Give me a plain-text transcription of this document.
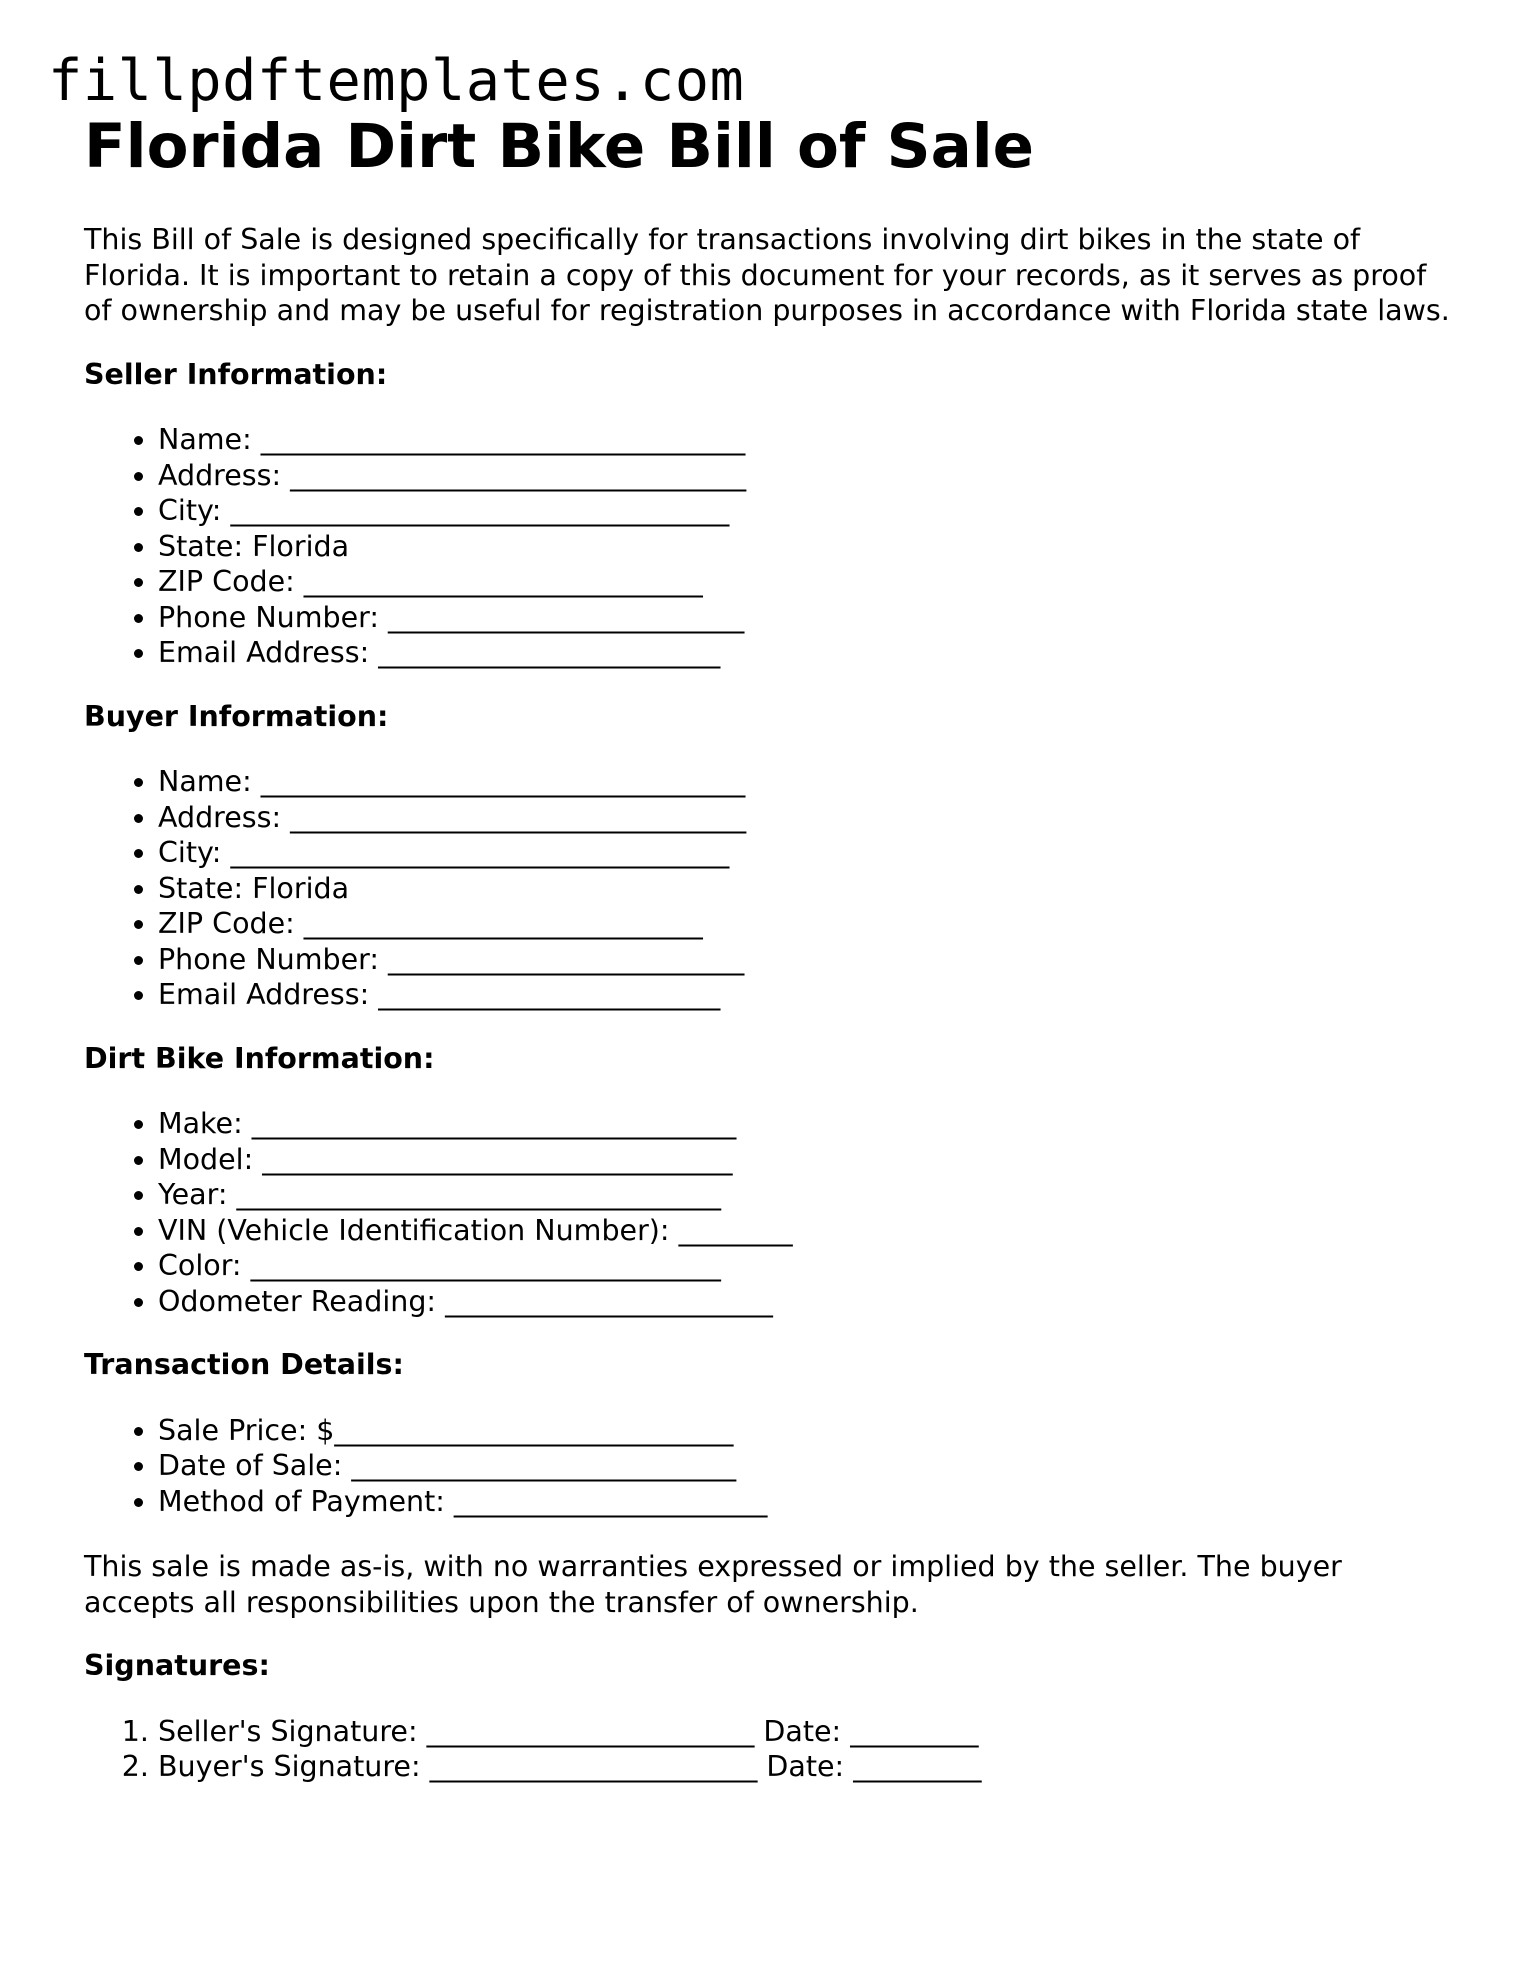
fillpdftemplates.com
Florida Dirt Bike Bill of Sale

This Bill of Sale is designed specifically for transactions involving dirt bikes in the state of Florida. It is important to retain a copy of this document for your records, as it serves as proof of ownership and may be useful for registration purposes in accordance with Florida state laws.

Seller Information:
• Name: __________________________________
• Address: ________________________________
• City: ___________________________________
• State: Florida
• ZIP Code: ____________________________
• Phone Number: _________________________
• Email Address: ________________________
Buyer Information:
• Name: __________________________________
• Address: ________________________________
• City: ___________________________________
• State: Florida
• ZIP Code: ____________________________
• Phone Number: _________________________
• Email Address: ________________________
Dirt Bike Information:
• Make: __________________________________
• Model: _________________________________
• Year: __________________________________
• VIN (Vehicle Identification Number): ________
• Color: _________________________________
• Odometer Reading: _______________________
Transaction Details:
• Sale Price: $____________________________
• Date of Sale: ___________________________
• Method of Payment: ______________________

This sale is made as-is, with no warranties expressed or implied by the seller. The buyer accepts all responsibilities upon the transfer of ownership.

Signatures:
1. Seller's Signature: _______________________ Date: _________
2. Buyer's Signature: _______________________ Date: _________
